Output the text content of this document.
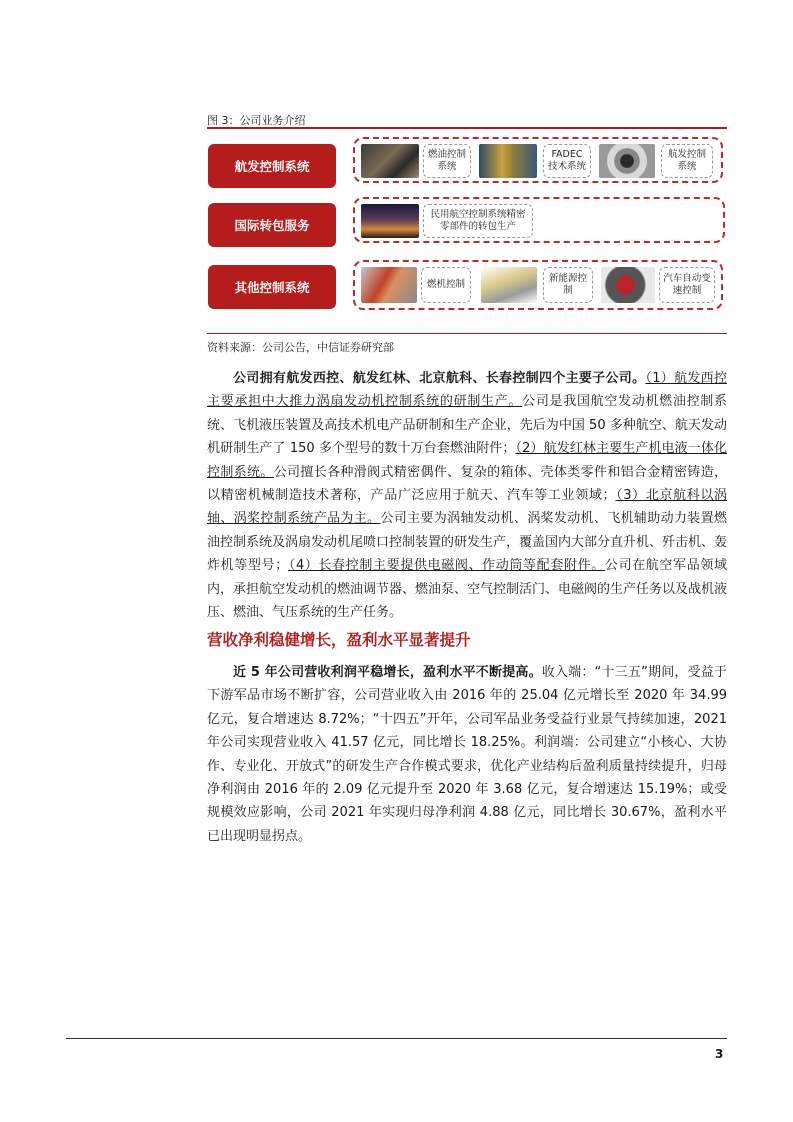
图 3：公司业务介绍
航发控制系统
燃油控制系统
FADEC技术系统
航发控制系统
国际转包服务
民用航空控制系统精密零部件的转包生产
其他控制系统	燃机控制
新能源控制
汽车自动变速控制
资料来源：公司公告，中信证券研究部

公司拥有航发西控、航发红林、北京航科、长春控制四个主要子公司。（1）航发西控主要承担中大推力涡扇发动机控制系统的研制生产。公司是我国航空发动机燃油控制系统、飞机液压装置及高技术机电产品研制和生产企业，先后为中国 50 多种航空、航天发动机研制生产了 150 多个型号的数十万台套燃油附件；（2）航发红林主要生产机电液一体化控制系统。公司擅长各种滑阀式精密偶件、复杂的箱体、壳体类零件和铝合金精密铸造，以精密机械制造技术著称，产品广泛应用于航天、汽车等工业领域；（3）北京航科以涡轴、涡桨控制系统产品为主。公司主要为涡轴发动机、涡桨发动机、飞机辅助动力装置燃油控制系统及涡扇发动机尾喷口控制装置的研发生产，覆盖国内大部分直升机、歼击机、轰炸机等型号；（4）长春控制主要提供电磁阀、作动筒等配套附件。公司在航空军品领域内，承担航空发动机的燃油调节器、燃油泵、空气控制活门、电磁阀的生产任务以及战机液压、燃油、气压系统的生产任务。

营收净利稳健增长，盈利水平显著提升

近 5 年公司营收利润平稳增长，盈利水平不断提高。收入端：“十三五”期间，受益于下游军品市场不断扩容，公司营业收入由 2016 年的 25.04 亿元增长至 2020 年 34.99 亿元，复合增速达 8.72%；“十四五”开年，公司军品业务受益行业景气持续加速，2021 年公司实现营业收入 41.57 亿元，同比增长 18.25%。利润端：公司建立“小核心、大协作、专业化、开放式”的研发生产合作模式要求，优化产业结构后盈利质量持续提升，归母净利润由 2016 年的 2.09 亿元提升至 2020 年 3.68 亿元，复合增速达 15.19%；或受规模效应影响，公司 2021 年实现归母净利润 4.88 亿元，同比增长 30.67%，盈利水平已出现明显拐点。

3
